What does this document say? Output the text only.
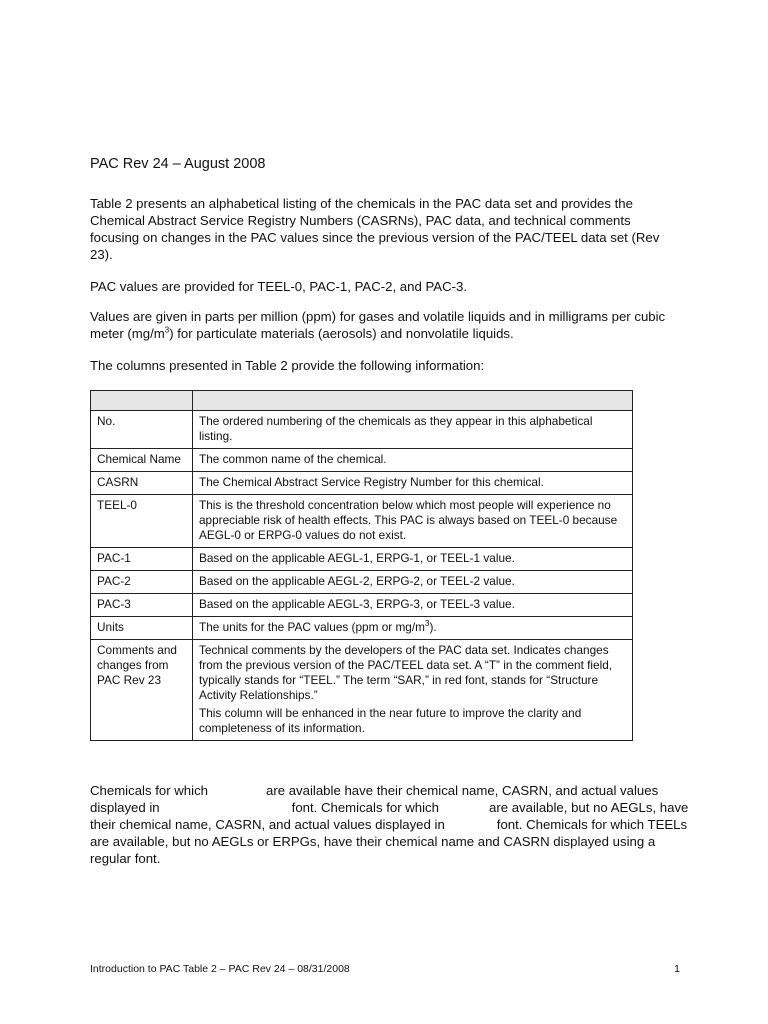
PAC Rev 24 – August 2008

Table 2 presents an alphabetical listing of the chemicals in the PAC data set and provides the Chemical Abstract Service Registry Numbers (CASRNs), PAC data, and technical comments focusing on changes in the PAC values since the previous version of the PAC/TEEL data set (Rev 23).

PAC values are provided for TEEL-0, PAC-1, PAC-2, and PAC-3.

Values are given in parts per million (ppm) for gases and volatile liquids and in milligrams per cubic meter $(mg/m^3)$ for particulate materials (aerosols) and nonvolatile liquids.

The columns presented in Table 2 provide the following information:

No.	The ordered numbering of the chemicals as they appear in this alphabetical listing.
Chemical Name	The common name of the chemical.
CASRN	The Chemical Abstract Service Registry Number for this chemical.
TEEL-0	This is the threshold concentration below which most people will experience no appreciable risk of health effects. This PAC is always based on TEEL-0 because AEGL-0 or ERPG-0 values do not exist.
PAC-1	Based on the applicable AEGL-1, ERPG-1, or TEEL-1 value.
PAC-2	Based on the applicable AEGL-2, ERPG-2, or TEEL-2 value.
PAC-3	Based on the applicable AEGL-3, ERPG-3, or TEEL-3 value.
Units	The units for the PAC values (ppm or $mg/m^3$).
Comments and changes from PAC Rev 23	Technical comments by the developers of the PAC data set. Indicates changes from the previous version of the PAC/TEEL data set. A “T” in the comment field, typically stands for “TEEL.” The term “SAR,” in red font, stands for “Structure Activity Relationships.”
This column will be enhanced in the near future to improve the clarity and completeness of its information.

Chemicals for which	are available have their chemical name, CASRN, and actual values displayed in	font. Chemicals for which	are available, but no AEGLs, have their chemical name, CASRN, and actual values displayed in	font. Chemicals for which TEELs are available, but no AEGLs or ERPGs, have their chemical name and CASRN displayed using a regular font.

Introduction to PAC Table 2 – PAC Rev 24 – 08/31/2008	1
